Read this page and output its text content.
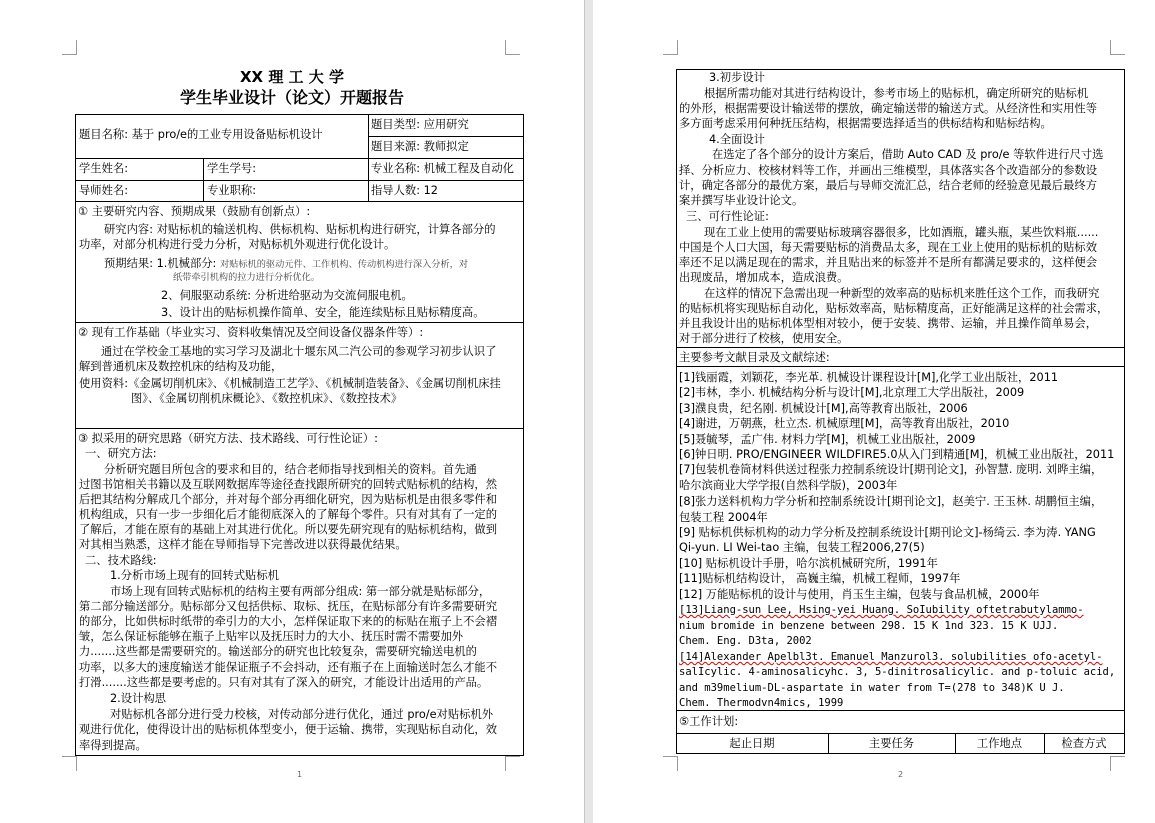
XX 理 工 大 学
学生毕业设计（论文）开题报告
题目名称: 基于 pro/e的工业专用设备贴标机设计
题目类型: 应用研究
题目来源: 教师拟定
学生姓名:	学生学号:	专业名称: 机械工程及自动化
导师姓名:	专业职称:	指导人数: 12
① 主要研究内容、预期成果（鼓励有创新点）:
研究内容: 对贴标机的输送机构、供标机构、贴标机构进行研究，计算各部分的
功率，对部分机构进行受力分析，对贴标机外观进行优化设计。
预期结果: 1.机械部分: 对贴标机的驱动元件、工作机构、传动机构进行深入分析，对
纸带牵引机构的拉力进行分析优化。
2、伺服驱动系统: 分析进给驱动为交流伺服电机。
3、设计出的贴标机操作简单、安全，能连续贴标且贴标精度高。
② 现有工作基础（毕业实习、资料收集情况及空间设备仪器条件等）:
通过在学校金工基地的实习学习及湖北十堰东风二汽公司的参观学习初步认识了
解到普通机床及数控机床的结构及功能，
使用资料:《金属切削机床》、《机械制造工艺学》、《机械制造装备》、《金属切削机床挂
图》、《金属切削机床概论》、《数控机床》、《数控技术》
③ 拟采用的研究思路（研究方法、技术路线、可行性论证）:
一、研究方法:
分析研究题目所包含的要求和目的，结合老师指导找到相关的资料。首先通
过图书馆相关书籍以及互联网数据库等途径查找跟所研究的回转式贴标机的结构，然
后把其结构分解成几个部分，并对每个部分再细化研究，因为贴标机是由很多零件和
机构组成，只有一步一步细化后才能彻底深入的了解每个零件。只有对其有了一定的
了解后，才能在原有的基础上对其进行优化。所以要先研究现有的贴标机结构，做到
对其相当熟悉，这样才能在导师指导下完善改进以获得最优结果。
二、技术路线:
1.分析市场上现有的回转式贴标机
市场上现有回转式贴标机的结构主要有两部分组成: 第一部分就是贴标部分，
第二部分输送部分。贴标部分又包括供标、取标、抚压，在贴标部分有许多需要研究
的部分，比如供标时纸带的牵引力的大小，怎样保证取下来的的标贴在瓶子上不会褶
皱，怎么保证标能够在瓶子上贴牢以及抚压时力的大小、抚压时需不需要加外
力.......这些都是需要研究的。输送部分的研究也比较复杂，需要研究输送电机的
功率，以多大的速度输送才能保证瓶子不会抖动，还有瓶子在上面输送时怎么才能不
打滑.......这些都是要考虑的。只有对其有了深入的研究，才能设计出适用的产品。
2.设计构思
对贴标机各部分进行受力校核，对传动部分进行优化，通过 pro/e对贴标机外
观进行优化，使得设计出的贴标机体型变小，便于运输、携带，实现贴标自动化，效
率得到提高。
1
3.初步设计
根据所需功能对其进行结构设计，参考市场上的贴标机，确定所研究的贴标机
的外形，根据需要设计输送带的摆放，确定输送带的输送方式。从经济性和实用性等
多方面考虑采用何种抚压结构，根据需要选择适当的供标结构和贴标结构。
4.全面设计
在选定了各个部分的设计方案后，借助 Auto CAD 及 pro/e 等软件进行尺寸选
择、分析应力、校核材料等工作，并画出三维模型，具体落实各个改造部分的参数设
计，确定各部分的最优方案，最后与导师交流汇总，结合老师的经验意见最后最终方
案并撰写毕业设计论文。
三、可行性论证:
现在工业上使用的需要贴标玻璃容器很多，比如酒瓶，罐头瓶，某些饮料瓶......
中国是个人口大国，每天需要贴标的消费品太多，现在工业上使用的贴标机的贴标效
率还不足以满足现在的需求，并且贴出来的标签并不是所有都满足要求的，这样便会
出现废品，增加成本，造成浪费。
在这样的情况下急需出现一种新型的效率高的贴标机来胜任这个工作，而我研究
的贴标机将实现贴标自动化，贴标效率高，贴标精度高，正好能满足这样的社会需求，
并且我设计出的贴标机体型相对较小，便于安装、携带、运输，并且操作简单易会，
对于部分进行了校核，使用安全。
主要参考文献目录及文献综述:
[1]钱丽霞，刘颖花，李光革. 机械设计课程设计[M],化学工业出版社，2011
[2]韦林，李小. 机械结构分析与设计[M],北京理工大学出版社，2009
[3]濮良贵，纪名刚. 机械设计[M],高等教育出版社，2006
[4]谢进，万朝燕，杜立杰. 机械原理[M]，高等教育出版社，2010
[5]聂毓琴，孟广伟. 材料力学[M]，机械工业出版社，2009
[6]钟日明. PRO/ENGINEER WILDFIRE5.0从入门到精通[M]，机械工业出版社，2011
[7]包装机卷筒材料供送过程张力控制系统设计[期刊论文]，孙智慧. 庞明. 刘晔主编，
哈尔滨商业大学学报(自然科学版)，2003年
[8]张力送料机构力学分析和控制系统设计[期刊论文]，赵美宁. 王玉林. 胡鹏恒主编，
包装工程 2004年
[9] 贴标机供标机构的动力学分析及控制系统设计[期刊论文]-杨绮云. 李为涛. YANG
Qi-yun. LI Wei-tao 主编，包装工程2006,27(5)
[10] 贴标机设计手册，哈尔滨机械研究所，1991年
[11]贴标机结构设计， 高巍主编，机械工程师，1997年
[12] 万能贴标机的设计与使用，肖玉生主编，包装与食品机械，2000年
[13]Liang-sun Lee, Hsing-yei Huang. SoIubility oftetrabutylammo-
nium bromide in benzene between 298. 15 K 1nd 323. 15 K UJJ.
Chem. Eng. D3ta, 2002
[14]Alexander Apelbl3t. Emanuel Manzurol3. solubilities ofo-acetyl-
salIcylic. 4-aminosalicyhc. 3, 5-dinitrosalicylic. and p-toluic acid,
and m39melium-DL-aspartate in water from T=(278 to 348)K U J.
Chem. Thermodvn4mics, 1999
⑤工作计划:
起止日期	主要任务	工作地点	检查方式
2
